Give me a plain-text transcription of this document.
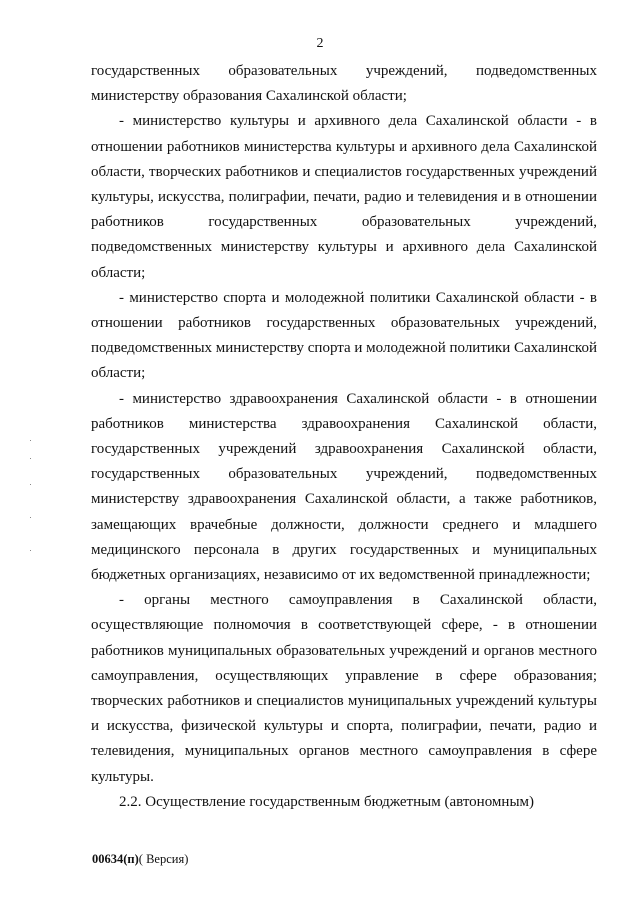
2

государственных образовательных учреждений, подведомственных министерству образования Сахалинской области;

- министерство культуры и архивного дела Сахалинской области - в отношении работников министерства культуры и архивного дела Сахалинской области, творческих работников и специалистов государственных учреждений культуры, искусства, полиграфии, печати, радио и телевидения и в отношении работников государственных образовательных учреждений, подведомственных министерству культуры и архивного дела Сахалинской области;

- министерство спорта и молодежной политики Сахалинской области - в отношении работников государственных образовательных учреждений, подведомственных министерству спорта и молодежной политики Сахалинской области;

- министерство здравоохранения Сахалинской области - в отношении работников министерства здравоохранения Сахалинской области, государственных учреждений здравоохранения Сахалинской области, государственных образовательных учреждений, подведомственных министерству здравоохранения Сахалинской области, а также работников, замещающих врачебные должности, должности среднего и младшего медицинского персонала в других государственных и муниципальных бюджетных организациях, независимо от их ведомственной принадлежности;

- органы местного самоуправления в Сахалинской области, осуществляющие полномочия в соответствующей сфере, - в отношении работников муниципальных образовательных учреждений и органов местного самоуправления, осуществляющих управление в сфере образования; творческих работников и специалистов муниципальных учреждений культуры и искусства, физической культуры и спорта, полиграфии, печати, радио и телевидения, муниципальных органов местного самоуправления в сфере культуры.

2.2. Осуществление государственным бюджетным (автономным)

00634(п)( Версия)
